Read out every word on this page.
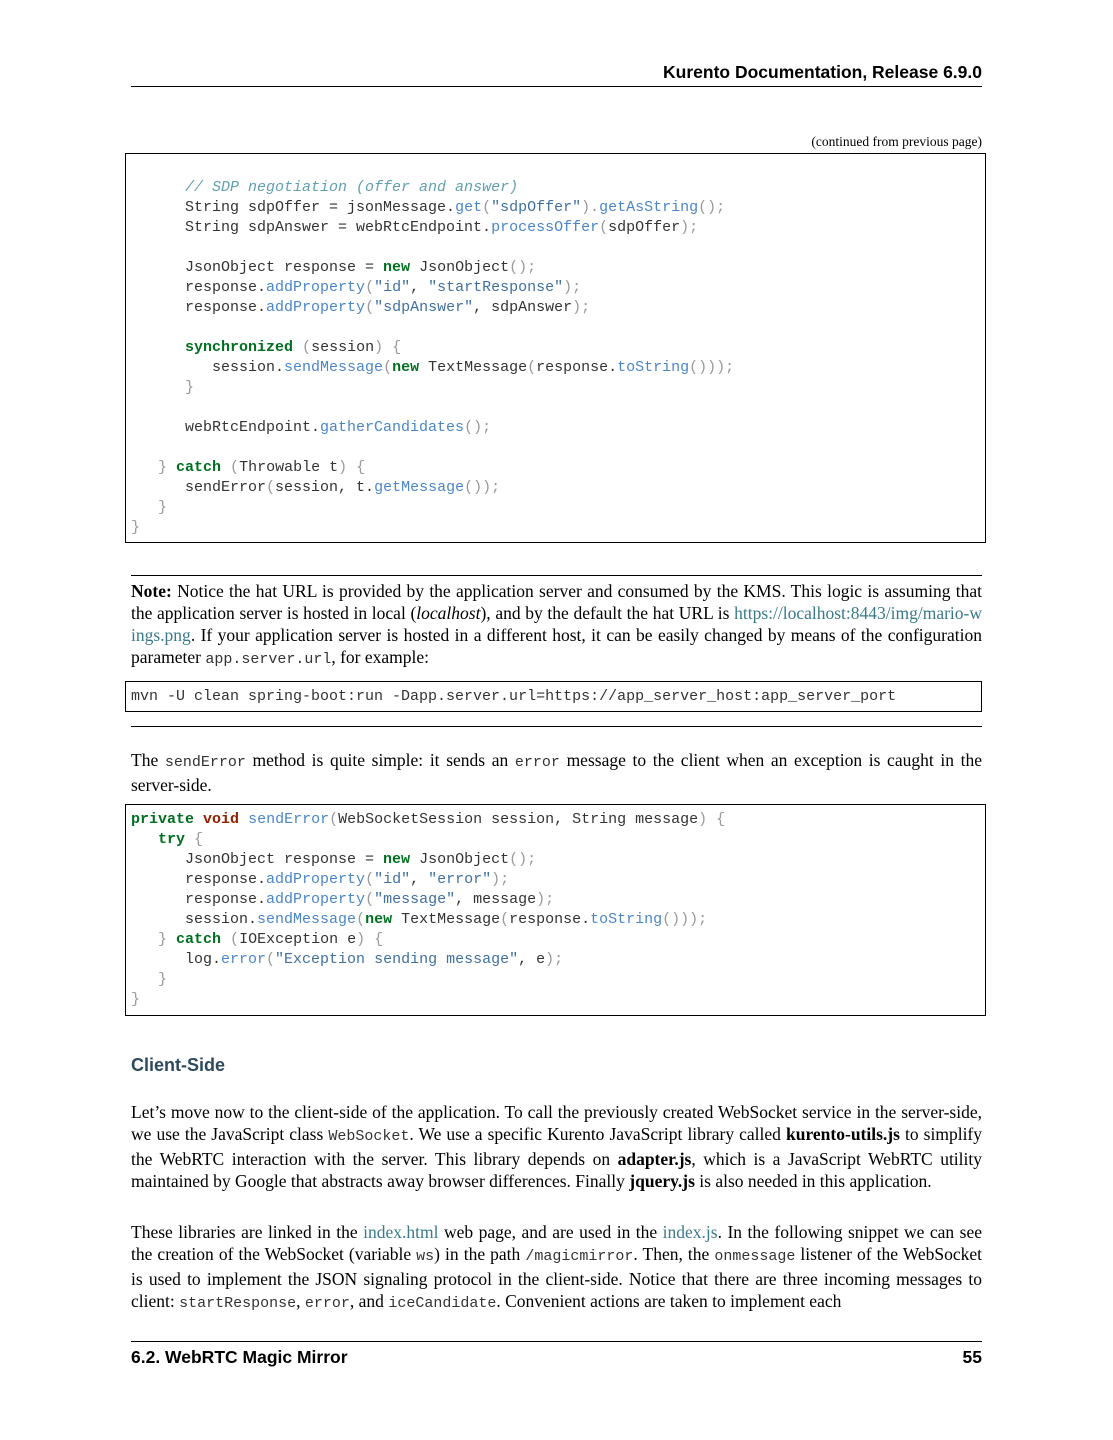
Kurento Documentation, Release 6.9.0
(continued from previous page)
// SDP negotiation (offer and answer)
String sdpOffer = jsonMessage.get("sdpOffer").getAsString();
String sdpAnswer = webRtcEndpoint.processOffer(sdpOffer);
JsonObject response = new JsonObject();
response.addProperty("id", "startResponse");
response.addProperty("sdpAnswer", sdpAnswer);
synchronized (session) {
session.sendMessage(new TextMessage(response.toString()));
}
webRtcEndpoint.gatherCandidates();
} catch (Throwable t) {
sendError(session, t.getMessage());
}
}

Note: Notice the hat URL is provided by the application server and consumed by the KMS. This logic is assuming that the application server is hosted in local (localhost), and by the default the hat URL is https://localhost:8443/img/mario-wings.png. If your application server is hosted in a different host, it can be easily changed by means of the configuration parameter app.server.url, for example:

mvn -U clean spring-boot:run -Dapp.server.url=https://app_server_host:app_server_port

The sendError method is quite simple: it sends an error message to the client when an exception is caught in the server-side.

private void sendError(WebSocketSession session, String message) {
try {
JsonObject response = new JsonObject();
response.addProperty("id", "error");
response.addProperty("message", message);
session.sendMessage(new TextMessage(response.toString()));
} catch (IOException e) {
log.error("Exception sending message", e);
}
}
Client-Side

Let’s move now to the client-side of the application. To call the previously created WebSocket service in the server-side, we use the JavaScript class WebSocket. We use a specific Kurento JavaScript library called kurento-utils.js to simplify the WebRTC interaction with the server. This library depends on adapter.js, which is a JavaScript WebRTC utility maintained by Google that abstracts away browser differences. Finally jquery.js is also needed in this application.

These libraries are linked in the index.html web page, and are used in the index.js. In the following snippet we can see the creation of the WebSocket (variable ws) in the path /magicmirror. Then, the onmessage listener of the WebSocket is used to implement the JSON signaling protocol in the client-side. Notice that there are three incoming messages to client: startResponse, error, and iceCandidate. Convenient actions are taken to implement each

6.2. WebRTC Magic Mirror	55
